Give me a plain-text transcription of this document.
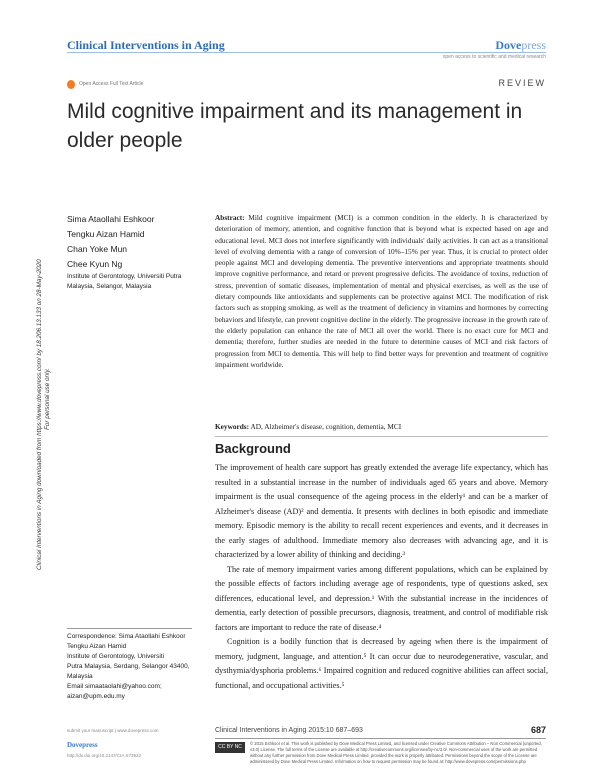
Clinical Interventions in Aging	Dovepress
open access to scientific and medical research
Open Access Full Text Article	REVIEW
Mild cognitive impairment and its management in older people
Clinical Interventions in Aging downloaded from https://www.dovepress.com/ by 18.206.13.133 on 28-May-2020 For personal use only.
Sima Ataollahi Eshkoor
Tengku Aizan Hamid
Chan Yoke Mun
Chee Kyun Ng
Institute of Gerontology, Universiti Putra Malaysia, Selangor, Malaysia
Abstract: Mild cognitive impairment (MCI) is a common condition in the elderly. It is characterized by deterioration of memory, attention, and cognitive function that is beyond what is expected based on age and educational level. MCI does not interfere significantly with individuals' daily activities. It can act as a transitional level of evolving dementia with a range of conversion of 10%–15% per year. Thus, it is crucial to protect older people against MCI and developing dementia. The preventive interventions and appropriate treatments should improve cognitive performance, and retard or prevent progressive deficits. The avoidance of toxins, reduction of stress, prevention of somatic diseases, implementation of mental and physical exercises, as well as the use of dietary compounds like antioxidants and supplements can be protective against MCI. The modification of risk factors such as stopping smoking, as well as the treatment of deficiency in vitamins and hormones by correcting behaviors and lifestyle, can prevent cognitive decline in the elderly. The progressive increase in the growth rate of the elderly population can enhance the rate of MCI all over the world. There is no exact cure for MCI and dementia; therefore, further studies are needed in the future to determine causes of MCI and risk factors of progression from MCI to dementia. This will help to find better ways for prevention and treatment of cognitive impairment worldwide.
Keywords: AD, Alzheimer's disease, cognition, dementia, MCI
Background

The improvement of health care support has greatly extended the average life expectancy, which has resulted in a substantial increase in the number of individuals aged 65 years and above. Memory impairment is the usual consequence of the ageing process in the elderly¹ and can be a marker of Alzheimer's disease (AD)² and dementia. It presents with declines in both episodic and immediate memory. Episodic memory is the ability to recall recent experiences and events, and it decreases in the early stages of adulthood. Immediate memory also decreases with advancing age, and it is characterized by a lower ability of thinking and deciding.³

The rate of memory impairment varies among different populations, which can be explained by the possible effects of factors including average age of respondents, type of questions asked, sex differences, educational level, and depression.¹ With the substantial increase in the incidences of dementia, early detection of possible precursors, diagnosis, treatment, and control of modifiable risk factors are important to reduce the rate of disease.⁴

Cognition is a bodily function that is decreased by ageing when there is the impairment of memory, judgment, language, and attention.⁵ It can occur due to neurodegenerative, vascular, and dysthymia/dysphoria problems.⁶ Impaired cognition and reduced cognitive abilities can affect social, functional, and occupational activities.⁵

Correspondence: Sima Ataollahi Eshkoor
Tengku Aizan Hamid
Institute of Gerontology, Universiti
Putra Malaysia, Serdang, Selangor 43400,
Malaysia
Email simaataolahi@yahoo.com;
aizan@upm.edu.my
submit your manuscript | www.dovepress.com	Clinical Interventions in Aging 2015:10 687–693	687
Dovepress
http://dx.doi.org/10.2147/CIA.S73922
CC BY NC
© 2015 Eshkoor et al. This work is published by Dove Medical Press Limited, and licensed under Creative Commons Attribution – Non Commercial (unported, v3.0) License. The full terms of the License are available at http://creativecommons.org/licenses/by-nc/3.0/. Non-commercial uses of the work are permitted without any further permission from Dove Medical Press Limited, provided the work is properly attributed. Permissions beyond the scope of the License are administered by Dove Medical Press Limited. Information on how to request permission may be found at: http://www.dovepress.com/permissions.php
